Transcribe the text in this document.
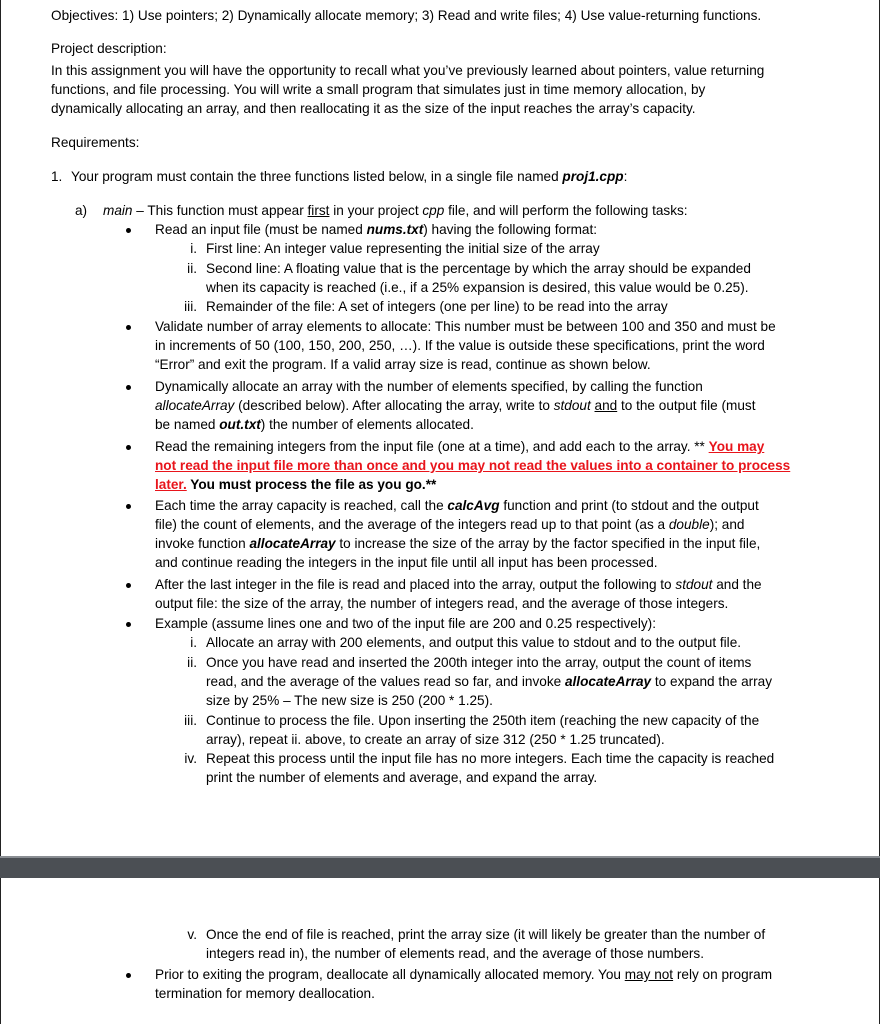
Objectives: 1) Use pointers; 2) Dynamically allocate memory; 3) Read and write files; 4) Use value-returning functions.
Project description:
In this assignment you will have the opportunity to recall what you’ve previously learned about pointers, value returning
functions, and file processing. You will write a small program that simulates just in time memory allocation, by
dynamically allocating an array, and then reallocating it as the size of the input reaches the array’s capacity.
Requirements:
1. Your program must contain the three functions listed below, in a single file named proj1.cpp:
a) main – This function must appear first in your project cpp file, and will perform the following tasks:
Read an input file (must be named nums.txt) having the following format:
i. First line: An integer value representing the initial size of the array
ii. Second line: A floating value that is the percentage by which the array should be expanded
when its capacity is reached (i.e., if a 25% expansion is desired, this value would be 0.25).
iii. Remainder of the file: A set of integers (one per line) to be read into the array
Validate number of array elements to allocate: This number must be between 100 and 350 and must be
in increments of 50 (100, 150, 200, 250, …). If the value is outside these specifications, print the word
“Error” and exit the program. If a valid array size is read, continue as shown below.
Dynamically allocate an array with the number of elements specified, by calling the function
allocateArray (described below). After allocating the array, write to stdout and to the output file (must
be named out.txt) the number of elements allocated.
Read the remaining integers from the input file (one at a time), and add each to the array. ** You may
not read the input file more than once and you may not read the values into a container to process
later. You must process the file as you go.**
Each time the array capacity is reached, call the calcAvg function and print (to stdout and the output
file) the count of elements, and the average of the integers read up to that point (as a double); and
invoke function allocateArray to increase the size of the array by the factor specified in the input file,
and continue reading the integers in the input file until all input has been processed.
After the last integer in the file is read and placed into the array, output the following to stdout and the
output file: the size of the array, the number of integers read, and the average of those integers.
Example (assume lines one and two of the input file are 200 and 0.25 respectively):
i. Allocate an array with 200 elements, and output this value to stdout and to the output file.
ii. Once you have read and inserted the 200th integer into the array, output the count of items
read, and the average of the values read so far, and invoke allocateArray to expand the array
size by 25% – The new size is 250 (200 * 1.25).
iii. Continue to process the file. Upon inserting the 250th item (reaching the new capacity of the
array), repeat ii. above, to create an array of size 312 (250 * 1.25 truncated).
iv. Repeat this process until the input file has no more integers. Each time the capacity is reached
print the number of elements and average, and expand the array.
v. Once the end of file is reached, print the array size (it will likely be greater than the number of
integers read in), the number of elements read, and the average of those numbers.
Prior to exiting the program, deallocate all dynamically allocated memory. You may not rely on program
termination for memory deallocation.
